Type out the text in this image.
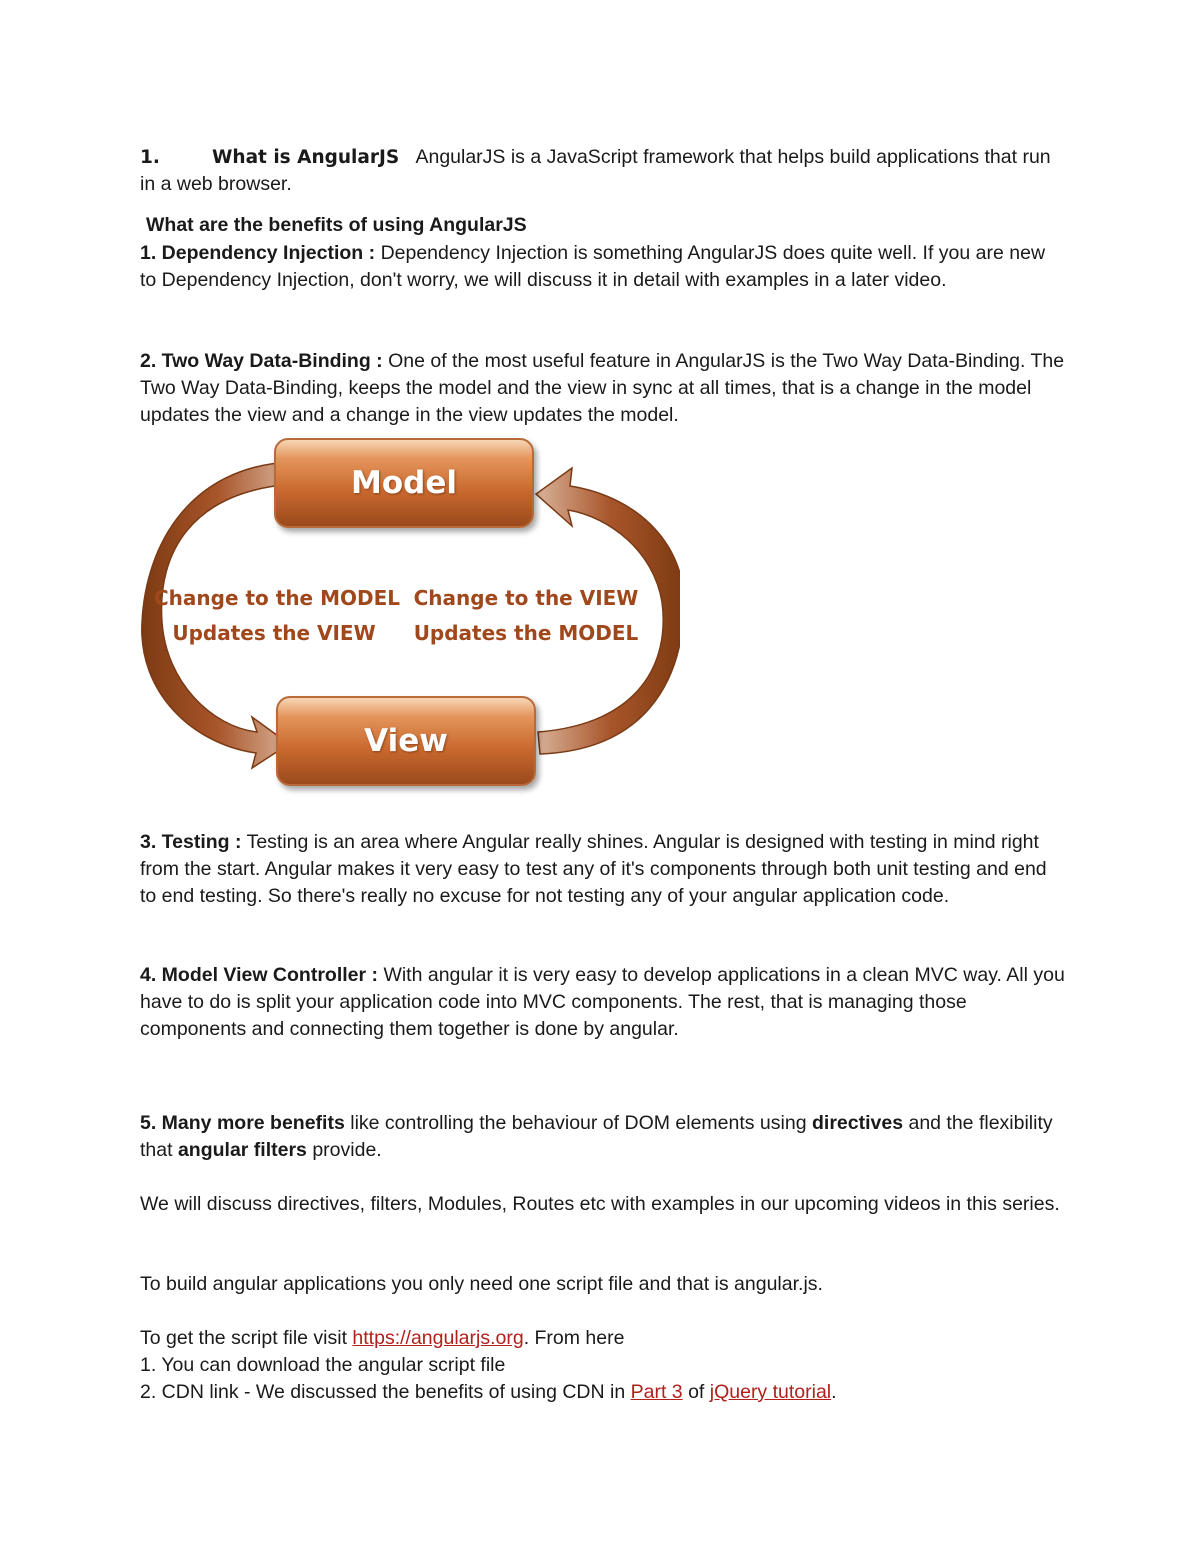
1.	What is AngularJS AngularJS is a JavaScript framework that helps build applications that run in a web browser.

What are the benefits of using AngularJS

1. Dependency Injection : Dependency Injection is something AngularJS does quite well. If you are new to Dependency Injection, don't worry, we will discuss it in detail with examples in a later video.

2. Two Way Data-Binding : One of the most useful feature in AngularJS is the Two Way Data-Binding. The Two Way Data-Binding, keeps the model and the view in sync at all times, that is a change in the model updates the view and a change in the view updates the model.

Model
View
Change to the MODEL
Updates the VIEW
Change to the VIEW
Updates the MODEL

3. Testing : Testing is an area where Angular really shines. Angular is designed with testing in mind right from the start. Angular makes it very easy to test any of it's components through both unit testing and end to end testing. So there's really no excuse for not testing any of your angular application code.

4. Model View Controller : With angular it is very easy to develop applications in a clean MVC way. All you have to do is split your application code into MVC components. The rest, that is managing those components and connecting them together is done by angular.

5. Many more benefits like controlling the behaviour of DOM elements using directives and the flexibility that angular filters provide.

We will discuss directives, filters, Modules, Routes etc with examples in our upcoming videos in this series.

To build angular applications you only need one script file and that is angular.js.

To get the script file visit https://angularjs.org. From here
1. You can download the angular script file
2. CDN link - We discussed the benefits of using CDN in Part 3 of jQuery tutorial.
